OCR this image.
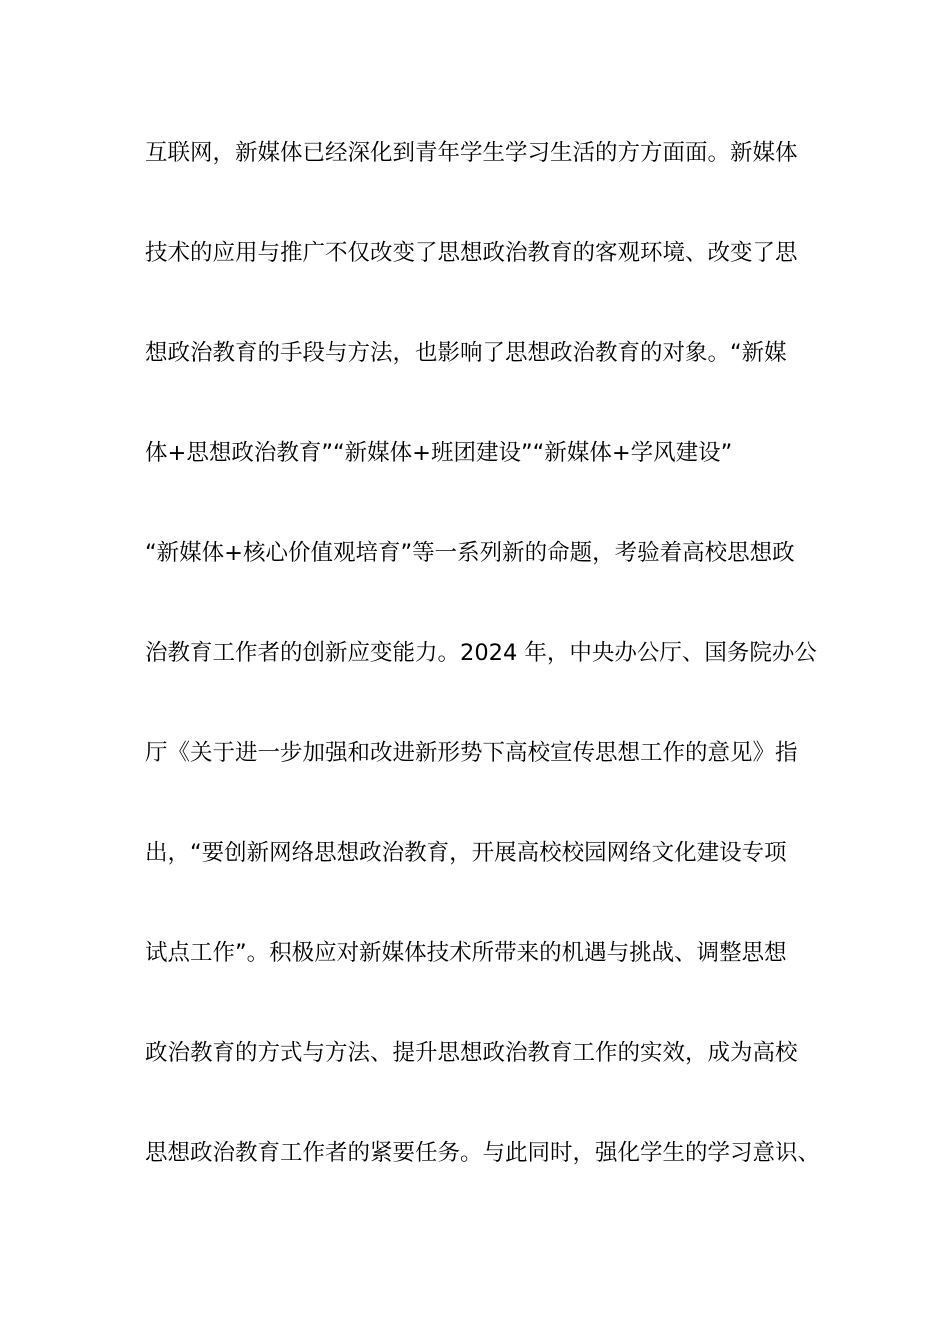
互联网，新媒体已经深化到青年学生学习生活的方方面面。新媒体
技术的应用与推广不仅改变了思想政治教育的客观环境、改变了思
想政治教育的手段与方法，也影响了思想政治教育的对象。“新媒
体+思想政治教育”“新媒体+班团建设”“新媒体+学风建设”
“新媒体+核心价值观培育”等一系列新的命题，考验着高校思想政
治教育工作者的创新应变能力。2024 年，中央办公厅、国务院办公
厅《关于进一步加强和改进新形势下高校宣传思想工作的意见》指
出，“要创新网络思想政治教育，开展高校校园网络文化建设专项
试点工作”。积极应对新媒体技术所带来的机遇与挑战、调整思想
政治教育的方式与方法、提升思想政治教育工作的实效，成为高校
思想政治教育工作者的紧要任务。与此同时，强化学生的学习意识、
